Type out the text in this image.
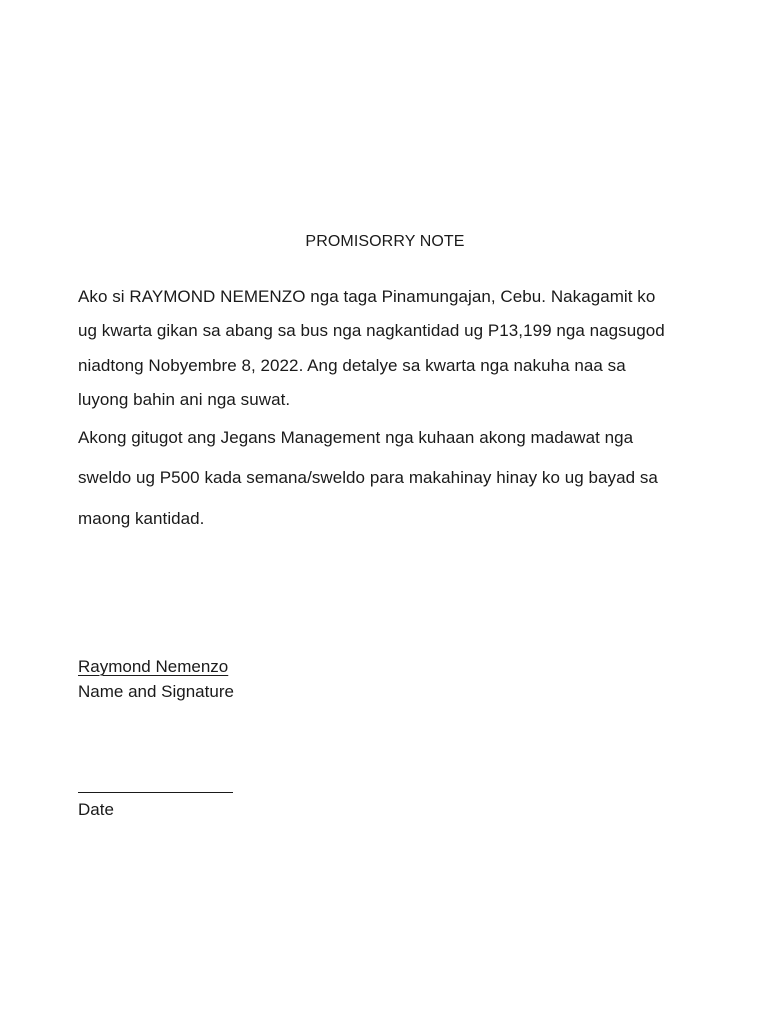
PROMISORRY NOTE
Ako si RAYMOND NEMENZO nga taga Pinamungajan, Cebu. Nakagamit ko
ug kwarta gikan sa abang sa bus nga nagkantidad ug P13,199 nga nagsugod
niadtong Nobyembre 8, 2022. Ang detalye sa kwarta nga nakuha naa sa
luyong bahin ani nga suwat.
Akong gitugot ang Jegans Management nga kuhaan akong madawat nga
sweldo ug P500 kada semana/sweldo para makahinay hinay ko ug bayad sa
maong kantidad.
Raymond Nemenzo
Name and Signature
Date
